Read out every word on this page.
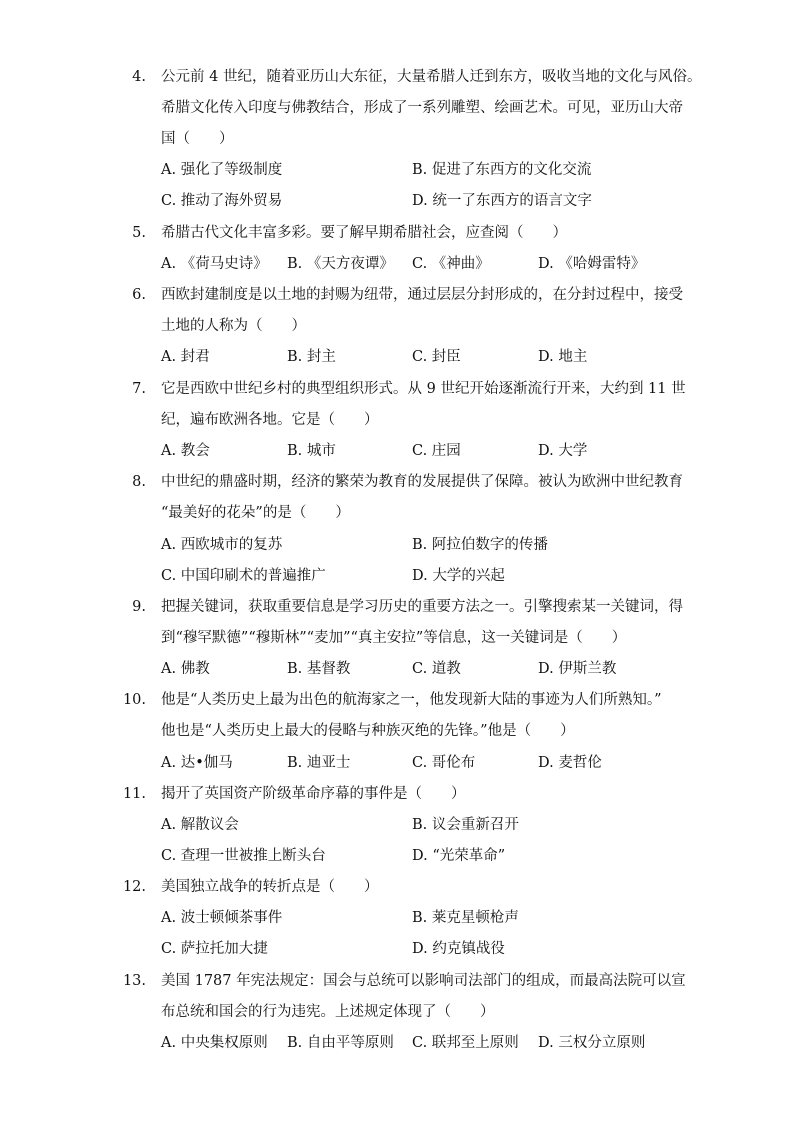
4. 公元前 4 世纪，随着亚历山大东征，大量希腊人迁到东方，吸收当地的文化与风俗。
希腊文化传入印度与佛教结合，形成了一系列雕塑、绘画艺术。可见，亚历山大帝
国（　　）
A. 强化了等级制度	B. 促进了东西方的文化交流
C. 推动了海外贸易	D. 统一了东西方的语言文字
5. 希腊古代文化丰富多彩。要了解早期希腊社会，应查阅（　　）
A. 《荷马史诗》 B. 《天方夜谭》 C. 《神曲》	D. 《哈姆雷特》
6. 西欧封建制度是以土地的封赐为纽带，通过层层分封形成的，在分封过程中，接受
土地的人称为（　　）
A. 封君	B. 封主	C. 封臣	D. 地主
7. 它是西欧中世纪乡村的典型组织形式。从 9 世纪开始逐渐流行开来，大约到 11 世
纪，遍布欧洲各地。它是（　　）
A. 教会	B. 城市	C. 庄园	D. 大学
8. 中世纪的鼎盛时期，经济的繁荣为教育的发展提供了保障。被认为欧洲中世纪教育
“最美好的花朵”的是（　　）
A. 西欧城市的复苏	B. 阿拉伯数字的传播
C. 中国印刷术的普遍推广	D. 大学的兴起
9. 把握关键词，获取重要信息是学习历史的重要方法之一。引擎搜索某一关键词，得
到“穆罕默德”“穆斯林”“麦加”“真主安拉”等信息，这一关键词是（　　）
A. 佛教	B. 基督教	C. 道教	D. 伊斯兰教
10. 他是“人类历史上最为出色的航海家之一，他发现新大陆的事迹为人们所熟知。”
他也是“人类历史上最大的侵略与种族灭绝的先锋。”他是（　　）
A. 达•伽马	B. 迪亚士	C. 哥伦布	D. 麦哲伦
11. 揭开了英国资产阶级革命序幕的事件是（　　）
A. 解散议会	B. 议会重新召开
C. 查理一世被推上断头台	D. “光荣革命”
12. 美国独立战争的转折点是（　　）
A. 波士顿倾茶事件	B. 莱克星顿枪声
C. 萨拉托加大捷	D. 约克镇战役
13. 美国 1787 年宪法规定：国会与总统可以影响司法部门的组成，而最高法院可以宣
布总统和国会的行为违宪。上述规定体现了（　　）
A. 中央集权原则 B. 自由平等原则 C. 联邦至上原则 D. 三权分立原则
